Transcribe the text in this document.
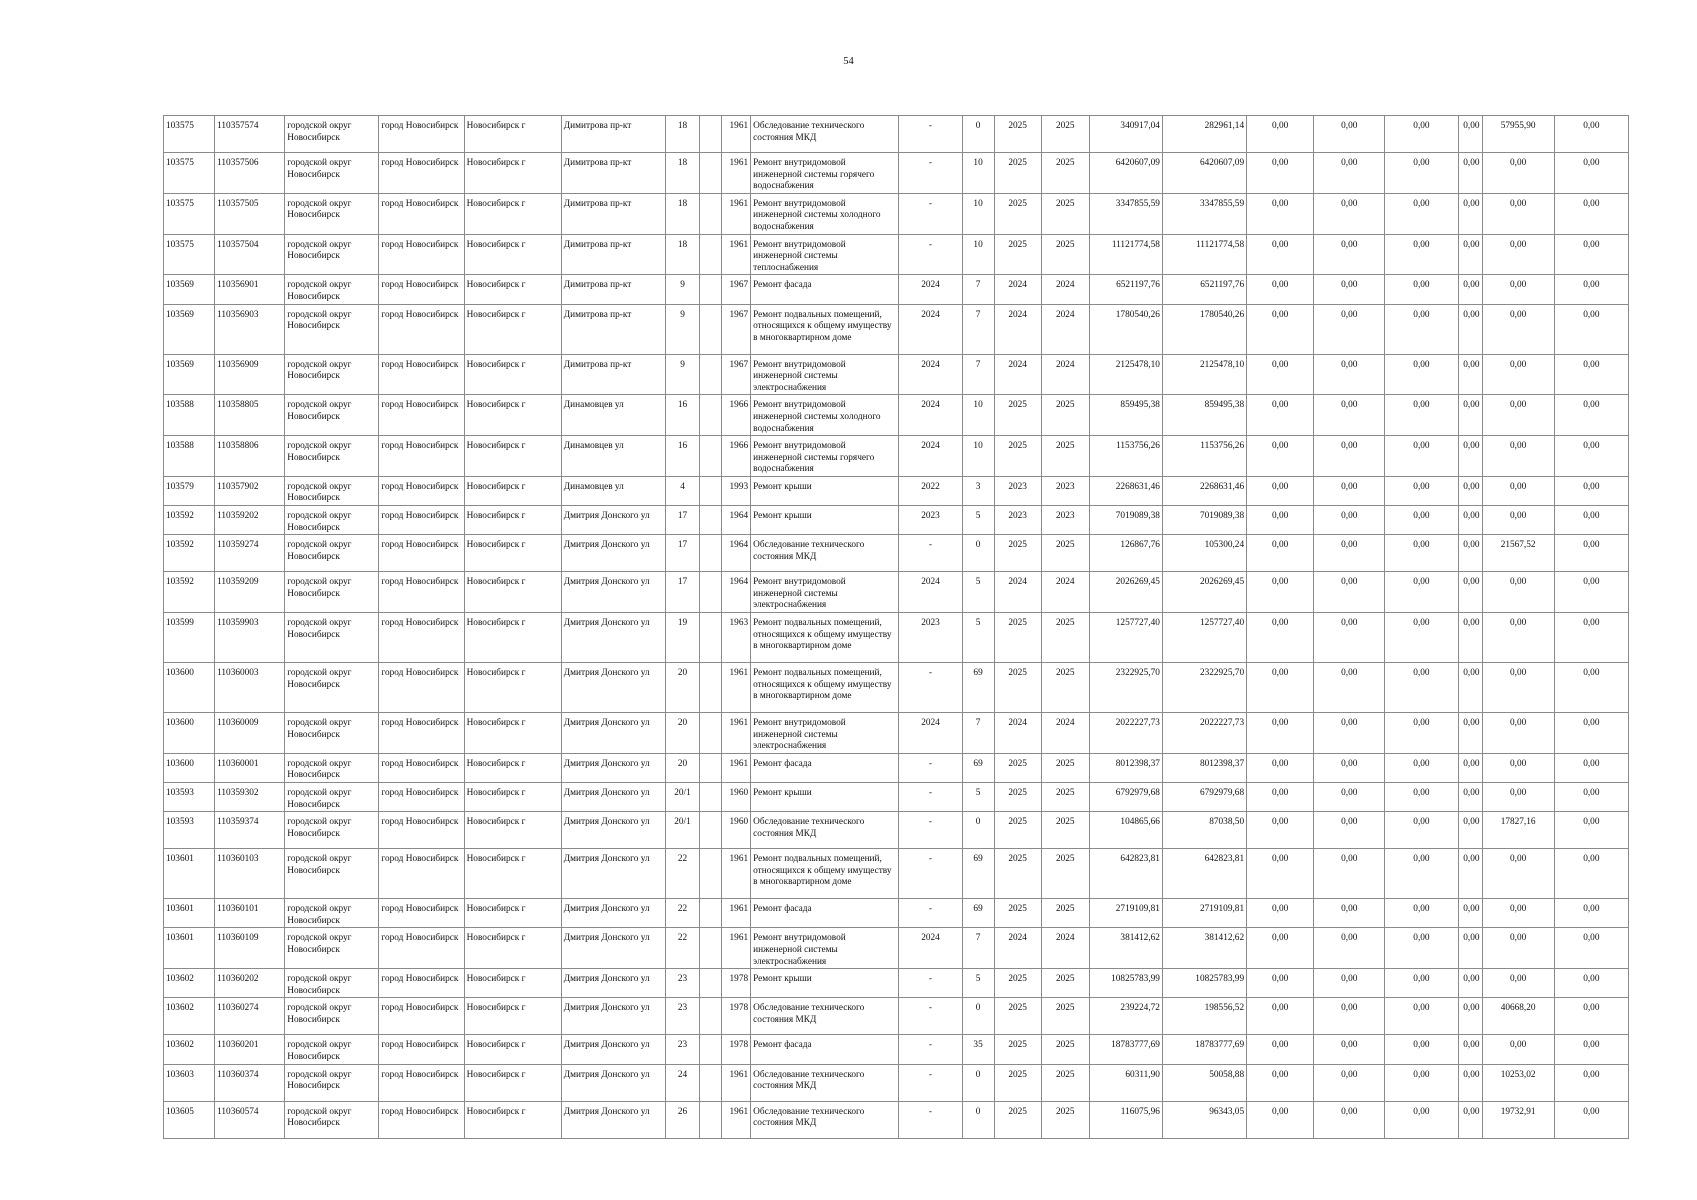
54
103575	110357574	городской округ Новосибирск	город Новосибирск	Новосибирск г	Димитрова пр-кт	18		1961	Обследование технического состояния МКД	-	0	2025	2025	340917,04	282961,14	0,00	0,00	0,00	0,00	57955,90	0,00
103575	110357506	городской округ Новосибирск	город Новосибирск	Новосибирск г	Димитрова пр-кт	18		1961	Ремонт внутридомовой инженерной системы горячего водоснабжения	-	10	2025	2025	6420607,09	6420607,09	0,00	0,00	0,00	0,00	0,00	0,00
103575	110357505	городской округ Новосибирск	город Новосибирск	Новосибирск г	Димитрова пр-кт	18		1961	Ремонт внутридомовой инженерной системы холодного водоснабжения	-	10	2025	2025	3347855,59	3347855,59	0,00	0,00	0,00	0,00	0,00	0,00
103575	110357504	городской округ Новосибирск	город Новосибирск	Новосибирск г	Димитрова пр-кт	18		1961	Ремонт внутридомовой инженерной системы теплоснабжения	-	10	2025	2025	11121774,58	11121774,58	0,00	0,00	0,00	0,00	0,00	0,00
103569	110356901	городской округ Новосибирск	город Новосибирск	Новосибирск г	Димитрова пр-кт	9		1967	Ремонт фасада	2024	7	2024	2024	6521197,76	6521197,76	0,00	0,00	0,00	0,00	0,00	0,00
103569	110356903	городской округ Новосибирск	город Новосибирск	Новосибирск г	Димитрова пр-кт	9		1967	Ремонт подвальных помещений, относящихся к общему имуществу в многоквартирном доме	2024	7	2024	2024	1780540,26	1780540,26	0,00	0,00	0,00	0,00	0,00	0,00
103569	110356909	городской округ Новосибирск	город Новосибирск	Новосибирск г	Димитрова пр-кт	9		1967	Ремонт внутридомовой инженерной системы электроснабжения	2024	7	2024	2024	2125478,10	2125478,10	0,00	0,00	0,00	0,00	0,00	0,00
103588	110358805	городской округ Новосибирск	город Новосибирск	Новосибирск г	Динамовцев ул	16		1966	Ремонт внутридомовой инженерной системы холодного водоснабжения	2024	10	2025	2025	859495,38	859495,38	0,00	0,00	0,00	0,00	0,00	0,00
103588	110358806	городской округ Новосибирск	город Новосибирск	Новосибирск г	Динамовцев ул	16		1966	Ремонт внутридомовой инженерной системы горячего водоснабжения	2024	10	2025	2025	1153756,26	1153756,26	0,00	0,00	0,00	0,00	0,00	0,00
103579	110357902	городской округ Новосибирск	город Новосибирск	Новосибирск г	Динамовцев ул	4		1993	Ремонт крыши	2022	3	2023	2023	2268631,46	2268631,46	0,00	0,00	0,00	0,00	0,00	0,00
103592	110359202	городской округ Новосибирск	город Новосибирск	Новосибирск г	Дмитрия Донского ул	17		1964	Ремонт крыши	2023	5	2023	2023	7019089,38	7019089,38	0,00	0,00	0,00	0,00	0,00	0,00
103592	110359274	городской округ Новосибирск	город Новосибирск	Новосибирск г	Дмитрия Донского ул	17		1964	Обследование технического состояния МКД	-	0	2025	2025	126867,76	105300,24	0,00	0,00	0,00	0,00	21567,52	0,00
103592	110359209	городской округ Новосибирск	город Новосибирск	Новосибирск г	Дмитрия Донского ул	17		1964	Ремонт внутридомовой инженерной системы электроснабжения	2024	5	2024	2024	2026269,45	2026269,45	0,00	0,00	0,00	0,00	0,00	0,00
103599	110359903	городской округ Новосибирск	город Новосибирск	Новосибирск г	Дмитрия Донского ул	19		1963	Ремонт подвальных помещений, относящихся к общему имуществу в многоквартирном доме	2023	5	2025	2025	1257727,40	1257727,40	0,00	0,00	0,00	0,00	0,00	0,00
103600	110360003	городской округ Новосибирск	город Новосибирск	Новосибирск г	Дмитрия Донского ул	20		1961	Ремонт подвальных помещений, относящихся к общему имуществу в многоквартирном доме	-	69	2025	2025	2322925,70	2322925,70	0,00	0,00	0,00	0,00	0,00	0,00
103600	110360009	городской округ Новосибирск	город Новосибирск	Новосибирск г	Дмитрия Донского ул	20		1961	Ремонт внутридомовой инженерной системы электроснабжения	2024	7	2024	2024	2022227,73	2022227,73	0,00	0,00	0,00	0,00	0,00	0,00
103600	110360001	городской округ Новосибирск	город Новосибирск	Новосибирск г	Дмитрия Донского ул	20		1961	Ремонт фасада	-	69	2025	2025	8012398,37	8012398,37	0,00	0,00	0,00	0,00	0,00	0,00
103593	110359302	городской округ Новосибирск	город Новосибирск	Новосибирск г	Дмитрия Донского ул	20/1		1960	Ремонт крыши	-	5	2025	2025	6792979,68	6792979,68	0,00	0,00	0,00	0,00	0,00	0,00
103593	110359374	городской округ Новосибирск	город Новосибирск	Новосибирск г	Дмитрия Донского ул	20/1		1960	Обследование технического состояния МКД	-	0	2025	2025	104865,66	87038,50	0,00	0,00	0,00	0,00	17827,16	0,00
103601	110360103	городской округ Новосибирск	город Новосибирск	Новосибирск г	Дмитрия Донского ул	22		1961	Ремонт подвальных помещений, относящихся к общему имуществу в многоквартирном доме	-	69	2025	2025	642823,81	642823,81	0,00	0,00	0,00	0,00	0,00	0,00
103601	110360101	городской округ Новосибирск	город Новосибирск	Новосибирск г	Дмитрия Донского ул	22		1961	Ремонт фасада	-	69	2025	2025	2719109,81	2719109,81	0,00	0,00	0,00	0,00	0,00	0,00
103601	110360109	городской округ Новосибирск	город Новосибирск	Новосибирск г	Дмитрия Донского ул	22		1961	Ремонт внутридомовой инженерной системы электроснабжения	2024	7	2024	2024	381412,62	381412,62	0,00	0,00	0,00	0,00	0,00	0,00
103602	110360202	городской округ Новосибирск	город Новосибирск	Новосибирск г	Дмитрия Донского ул	23		1978	Ремонт крыши	-	5	2025	2025	10825783,99	10825783,99	0,00	0,00	0,00	0,00	0,00	0,00
103602	110360274	городской округ Новосибирск	город Новосибирск	Новосибирск г	Дмитрия Донского ул	23		1978	Обследование технического состояния МКД	-	0	2025	2025	239224,72	198556,52	0,00	0,00	0,00	0,00	40668,20	0,00
103602	110360201	городской округ Новосибирск	город Новосибирск	Новосибирск г	Дмитрия Донского ул	23		1978	Ремонт фасада	-	35	2025	2025	18783777,69	18783777,69	0,00	0,00	0,00	0,00	0,00	0,00
103603	110360374	городской округ Новосибирск	город Новосибирск	Новосибирск г	Дмитрия Донского ул	24		1961	Обследование технического состояния МКД	-	0	2025	2025	60311,90	50058,88	0,00	0,00	0,00	0,00	10253,02	0,00
103605	110360574	городской округ Новосибирск	город Новосибирск	Новосибирск г	Дмитрия Донского ул	26		1961	Обследование технического состояния МКД	-	0	2025	2025	116075,96	96343,05	0,00	0,00	0,00	0,00	19732,91	0,00
